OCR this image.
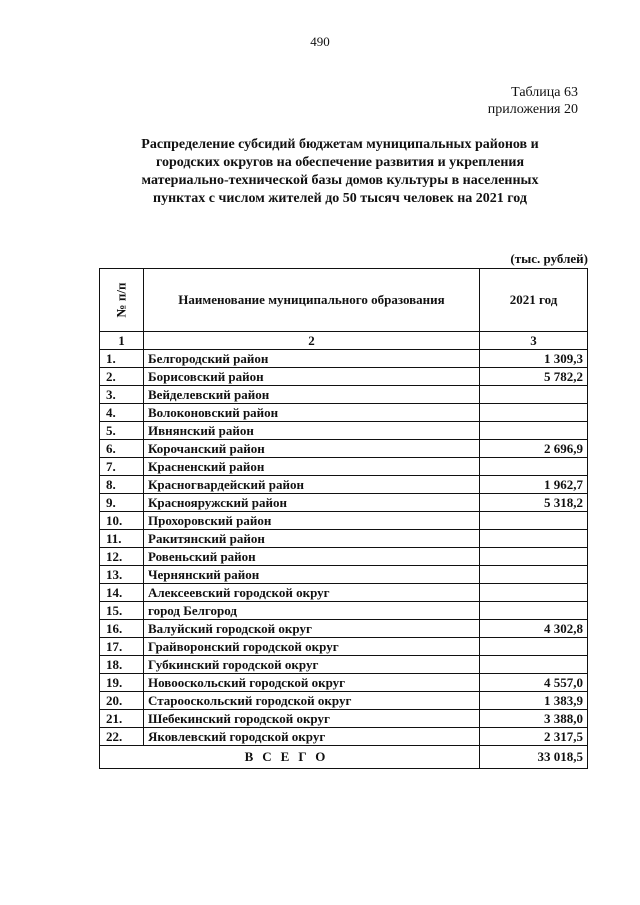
490
Таблица 63
приложения 20
Распределение субсидий бюджетам муниципальных районов и
городских округов на обеспечение развития и укрепления
материально-технической базы домов культуры в населенных
пунктах с числом жителей до 50 тысяч человек на 2021 год
(тыс. рублей)
№ п/п	Наименование муниципального образования	2021 год
1	2	3
1.	Белгородский район	1 309,3
2.	Борисовский район	5 782,2
3.	Вейделевский район	
4.	Волоконовский район	
5.	Ивнянский район	
6.	Корочанский район	2 696,9
7.	Красненский район	
8.	Красногвардейский район	1 962,7
9.	Краснояружский район	5 318,2
10.	Прохоровский район	
11.	Ракитянский район	
12.	Ровеньский район	
13.	Чернянский район	
14.	Алексеевский городской округ	
15.	город Белгород	
16.	Валуйский городской округ	4 302,8
17.	Грайворонский городской округ	
18.	Губкинский городской округ	
19.	Новооскольский городской округ	4 557,0
20.	Старооскольский городской округ	1 383,9
21.	Шебекинский городской округ	3 388,0
22.	Яковлевский городской округ	2 317,5
ВСЕГО		33 018,5
